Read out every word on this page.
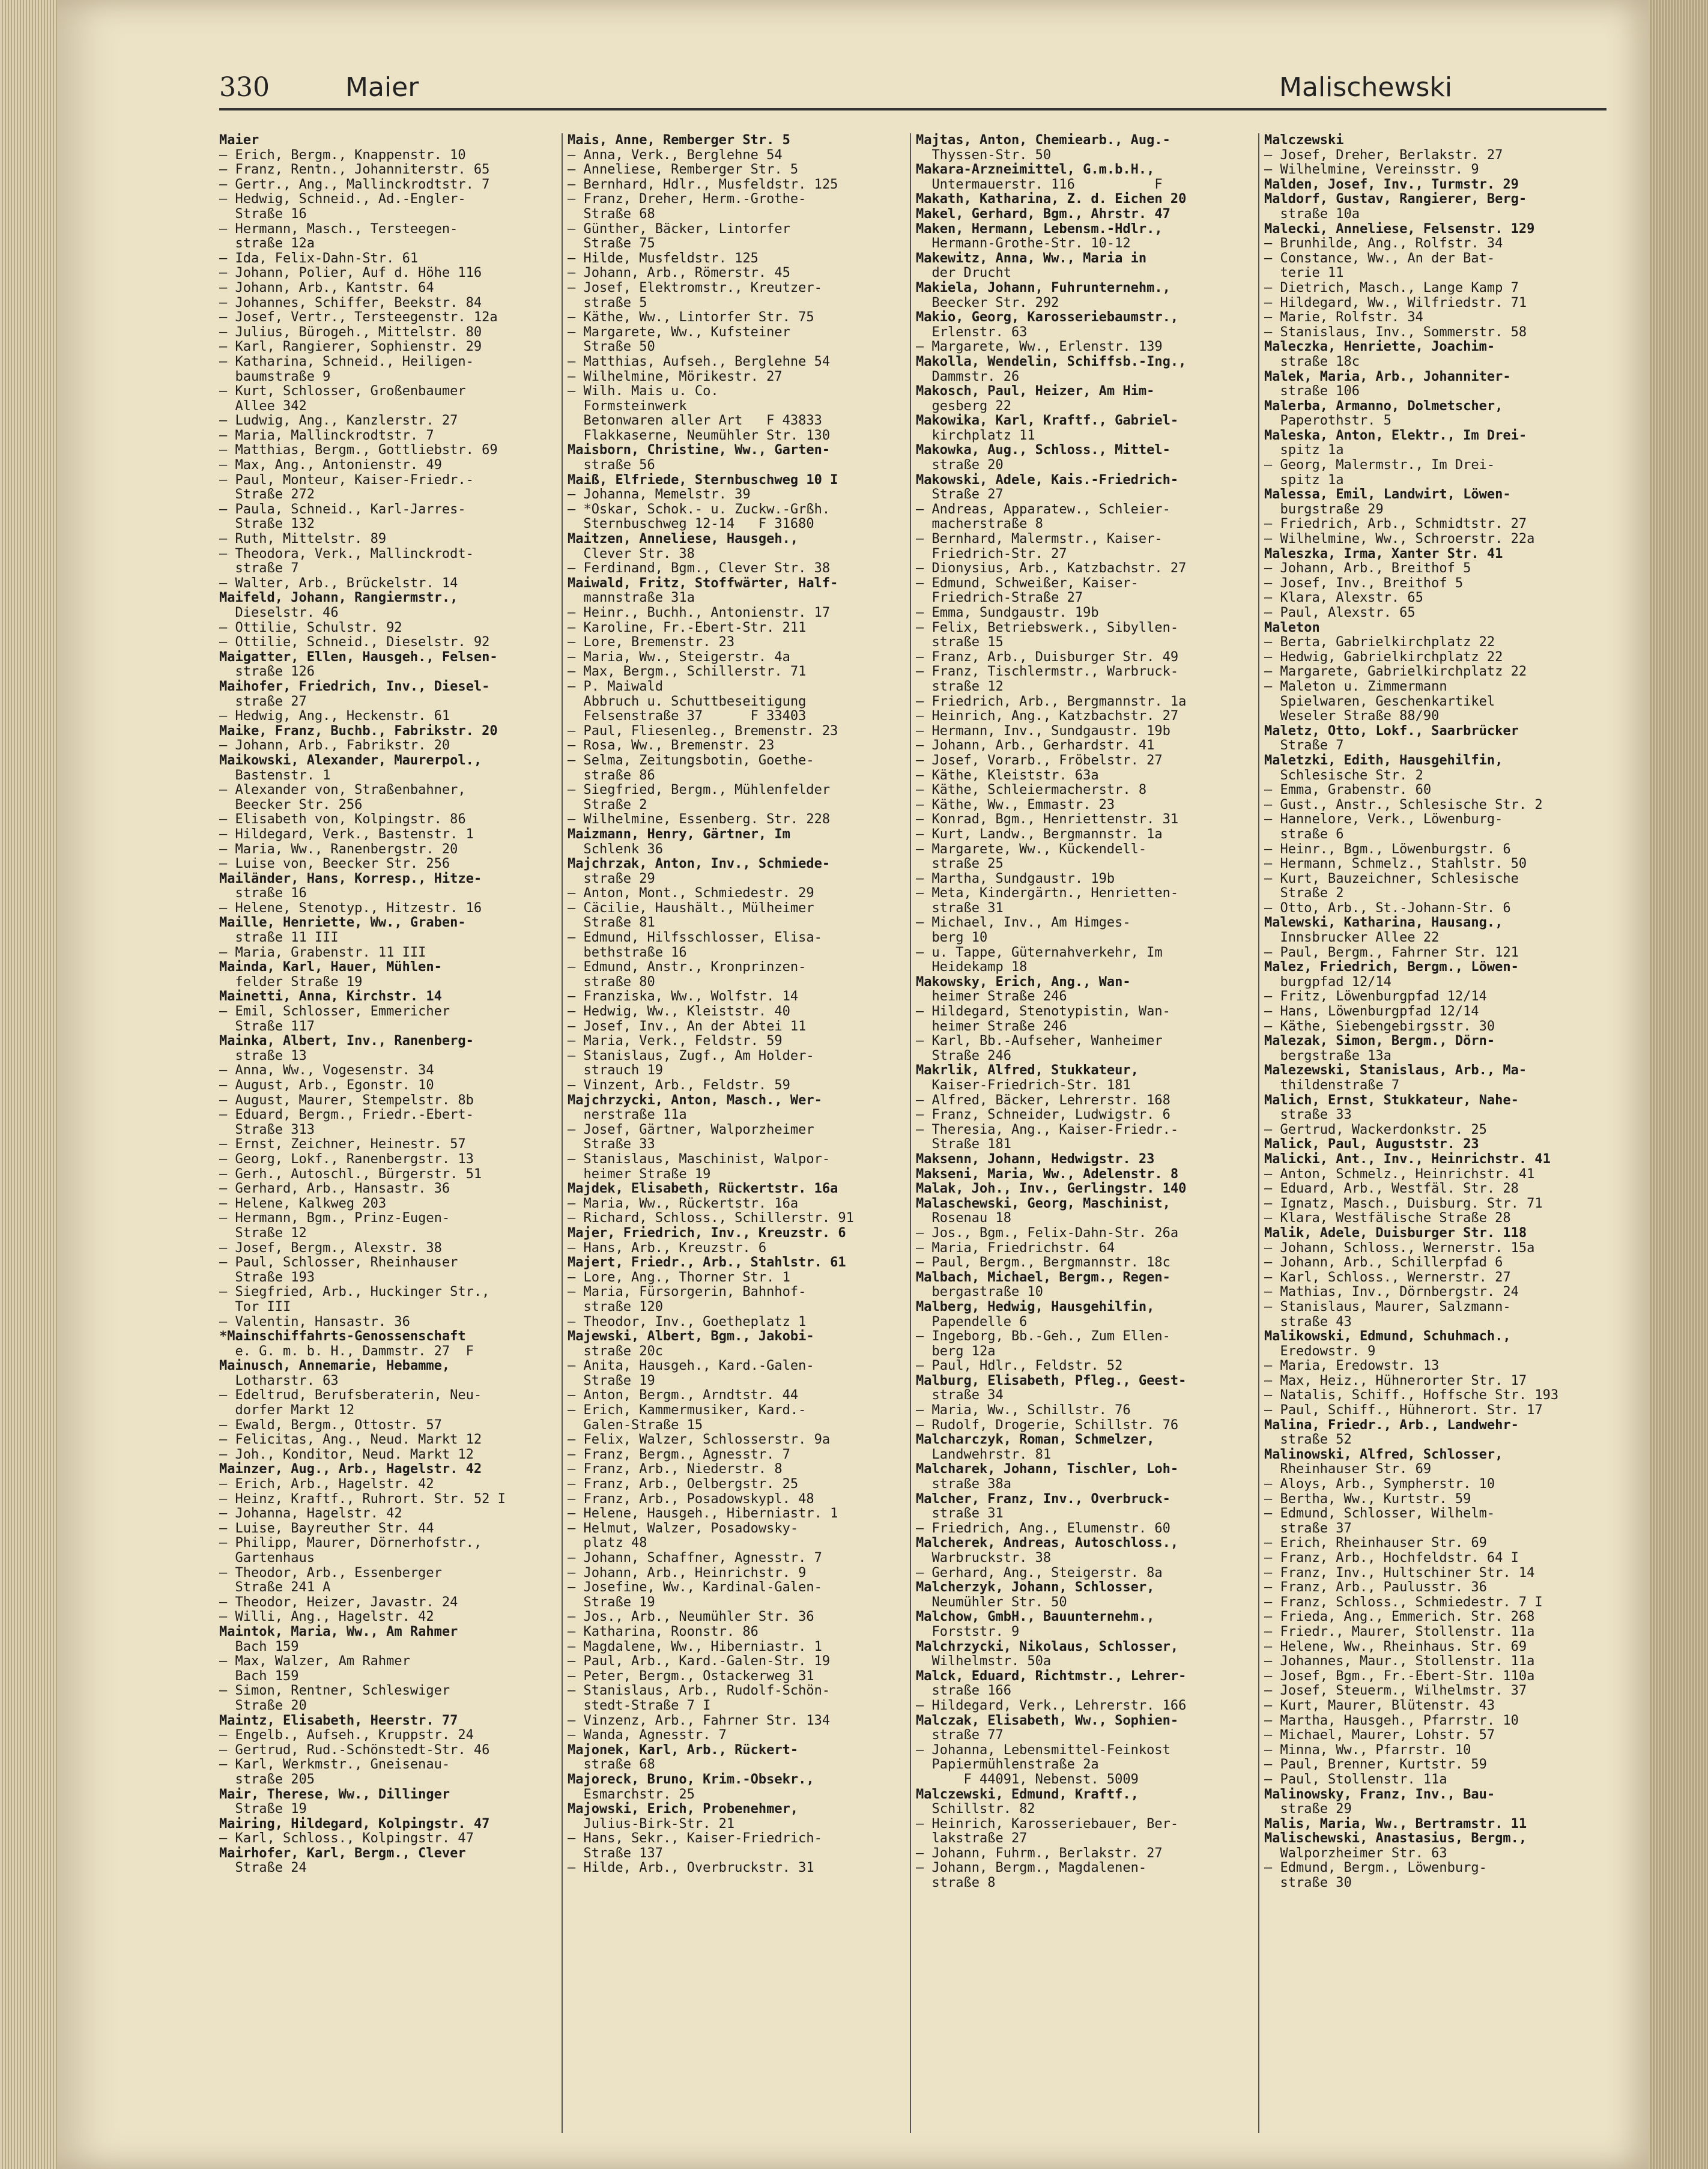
330	Maier	Malischewski
Maier
— Erich, Bergm., Knappenstr. 10
— Franz, Rentn., Johanniterstr. 65
— Gertr., Ang., Mallinckrodtstr. 7
— Hedwig, Schneid., Ad.-Engler-
Straße 16
— Hermann, Masch., Tersteegen-
straße 12a
— Ida, Felix-Dahn-Str. 61
— Johann, Polier, Auf d. Höhe 116
— Johann, Arb., Kantstr. 64
— Johannes, Schiffer, Beekstr. 84
— Josef, Vertr., Tersteegenstr. 12a
— Julius, Bürogeh., Mittelstr. 80
— Karl, Rangierer, Sophienstr. 29
— Katharina, Schneid., Heiligen-
baumstraße 9
— Kurt, Schlosser, Großenbaumer
Allee 342
— Ludwig, Ang., Kanzlerstr. 27
— Maria, Mallinckrodtstr. 7
— Matthias, Bergm., Gottliebstr. 69
— Max, Ang., Antonienstr. 49
— Paul, Monteur, Kaiser-Friedr.-
Straße 272
— Paula, Schneid., Karl-Jarres-
Straße 132
— Ruth, Mittelstr. 89
— Theodora, Verk., Mallinckrodt-
straße 7
— Walter, Arb., Brückelstr. 14
Maifeld, Johann, Rangiermstr.,
Dieselstr. 46
— Ottilie, Schulstr. 92
— Ottilie, Schneid., Dieselstr. 92
Maigatter, Ellen, Hausgeh., Felsen-
straße 126
Maihofer, Friedrich, Inv., Diesel-
straße 27
— Hedwig, Ang., Heckenstr. 61
Maike, Franz, Buchb., Fabrikstr. 20
— Johann, Arb., Fabrikstr. 20
Maikowski, Alexander, Maurerpol.,
Bastenstr. 1
— Alexander von, Straßenbahner,
Beecker Str. 256
— Elisabeth von, Kolpingstr. 86
— Hildegard, Verk., Bastenstr. 1
— Maria, Ww., Ranenbergstr. 20
— Luise von, Beecker Str. 256
Mailänder, Hans, Korresp., Hitze-
straße 16
— Helene, Stenotyp., Hitzestr. 16
Maille, Henriette, Ww., Graben-
straße 11 III
— Maria, Grabenstr. 11 III
Mainda, Karl, Hauer, Mühlen-
felder Straße 19
Mainetti, Anna, Kirchstr. 14
— Emil, Schlosser, Emmericher
Straße 117
Mainka, Albert, Inv., Ranenberg-
straße 13
— Anna, Ww., Vogesenstr. 34
— August, Arb., Egonstr. 10
— August, Maurer, Stempelstr. 8b
— Eduard, Bergm., Friedr.-Ebert-
Straße 313
— Ernst, Zeichner, Heinestr. 57
— Georg, Lokf., Ranenbergstr. 13
— Gerh., Autoschl., Bürgerstr. 51
— Gerhard, Arb., Hansastr. 36
— Helene, Kalkweg 203
— Hermann, Bgm., Prinz-Eugen-
Straße 12
— Josef, Bergm., Alexstr. 38
— Paul, Schlosser, Rheinhauser
Straße 193
— Siegfried, Arb., Huckinger Str.,
Tor III
— Valentin, Hansastr. 36
*Mainschiffahrts-Genossenschaft
e. G. m. b. H., Dammstr. 27  F
Mainusch, Annemarie, Hebamme,
Lotharstr. 63
— Edeltrud, Berufsberaterin, Neu-
dorfer Markt 12
— Ewald, Bergm., Ottostr. 57
— Felicitas, Ang., Neud. Markt 12
— Joh., Konditor, Neud. Markt 12
Mainzer, Aug., Arb., Hagelstr. 42
— Erich, Arb., Hagelstr. 42
— Heinz, Kraftf., Ruhrort. Str. 52 I
— Johanna, Hagelstr. 42
— Luise, Bayreuther Str. 44
— Philipp, Maurer, Dörnerhofstr.,
Gartenhaus
— Theodor, Arb., Essenberger
Straße 241 A
— Theodor, Heizer, Javastr. 24
— Willi, Ang., Hagelstr. 42
Maintok, Maria, Ww., Am Rahmer
Bach 159
— Max, Walzer, Am Rahmer
Bach 159
— Simon, Rentner, Schleswiger
Straße 20
Maintz, Elisabeth, Heerstr. 77
— Engelb., Aufseh., Kruppstr. 24
— Gertrud, Rud.-Schönstedt-Str. 46
— Karl, Werkmstr., Gneisenau-
straße 205
Mair, Therese, Ww., Dillinger
Straße 19
Mairing, Hildegard, Kolpingstr. 47
— Karl, Schloss., Kolpingstr. 47
Mairhofer, Karl, Bergm., Clever
Straße 24
Mais, Anne, Remberger Str. 5
— Anna, Verk., Berglehne 54
— Anneliese, Remberger Str. 5
— Bernhard, Hdlr., Musfeldstr. 125
— Franz, Dreher, Herm.-Grothe-
Straße 68
— Günther, Bäcker, Lintorfer
Straße 75
— Hilde, Musfeldstr. 125
— Johann, Arb., Römerstr. 45
— Josef, Elektromstr., Kreutzer-
straße 5
— Käthe, Ww., Lintorfer Str. 75
— Margarete, Ww., Kufsteiner
Straße 50
— Matthias, Aufseh., Berglehne 54
— Wilhelmine, Mörikestr. 27
— Wilh. Mais u. Co.
Formsteinwerk
Betonwaren aller Art   F 43833
Flakkaserne, Neumühler Str. 130
Maisborn, Christine, Ww., Garten-
straße 56
Maiß, Elfriede, Sternbuschweg 10 I
— Johanna, Memelstr. 39
— *Oskar, Schok.- u. Zuckw.-Grßh.
Sternbuschweg 12-14   F 31680
Maitzen, Anneliese, Hausgeh.,
Clever Str. 38
— Ferdinand, Bgm., Clever Str. 38
Maiwald, Fritz, Stoffwärter, Half-
mannstraße 31a
— Heinr., Buchh., Antonienstr. 17
— Karoline, Fr.-Ebert-Str. 211
— Lore, Bremenstr. 23
— Maria, Ww., Steigerstr. 4a
— Max, Bergm., Schillerstr. 71
— P. Maiwald
Abbruch u. Schuttbeseitigung
Felsenstraße 37      F 33403
— Paul, Fliesenleg., Bremenstr. 23
— Rosa, Ww., Bremenstr. 23
— Selma, Zeitungsbotin, Goethe-
straße 86
— Siegfried, Bergm., Mühlenfelder
Straße 2
— Wilhelmine, Essenberg. Str. 228
Maizmann, Henry, Gärtner, Im
Schlenk 36
Majchrzak, Anton, Inv., Schmiede-
straße 29
— Anton, Mont., Schmiedestr. 29
— Cäcilie, Haushält., Mülheimer
Straße 81
— Edmund, Hilfsschlosser, Elisa-
bethstraße 16
— Edmund, Anstr., Kronprinzen-
straße 80
— Franziska, Ww., Wolfstr. 14
— Hedwig, Ww., Kleiststr. 40
— Josef, Inv., An der Abtei 11
— Maria, Verk., Feldstr. 59
— Stanislaus, Zugf., Am Holder-
strauch 19
— Vinzent, Arb., Feldstr. 59
Majchrzycki, Anton, Masch., Wer-
nerstraße 11a
— Josef, Gärtner, Walporzheimer
Straße 33
— Stanislaus, Maschinist, Walpor-
heimer Straße 19
Majdek, Elisabeth, Rückertstr. 16a
— Maria, Ww., Rückertstr. 16a
— Richard, Schloss., Schillerstr. 91
Majer, Friedrich, Inv., Kreuzstr. 6
— Hans, Arb., Kreuzstr. 6
Majert, Friedr., Arb., Stahlstr. 61
— Lore, Ang., Thorner Str. 1
— Maria, Fürsorgerin, Bahnhof-
straße 120
— Theodor, Inv., Goetheplatz 1
Majewski, Albert, Bgm., Jakobi-
straße 20c
— Anita, Hausgeh., Kard.-Galen-
Straße 19
— Anton, Bergm., Arndtstr. 44
— Erich, Kammermusiker, Kard.-
Galen-Straße 15
— Felix, Walzer, Schlosserstr. 9a
— Franz, Bergm., Agnesstr. 7
— Franz, Arb., Niederstr. 8
— Franz, Arb., Oelbergstr. 25
— Franz, Arb., Posadowskypl. 48
— Helene, Hausgeh., Hiberniastr. 1
— Helmut, Walzer, Posadowsky-
platz 48
— Johann, Schaffner, Agnesstr. 7
— Johann, Arb., Heinrichstr. 9
— Josefine, Ww., Kardinal-Galen-
Straße 19
— Jos., Arb., Neumühler Str. 36
— Katharina, Roonstr. 86
— Magdalene, Ww., Hiberniastr. 1
— Paul, Arb., Kard.-Galen-Str. 19
— Peter, Bergm., Ostackerweg 31
— Stanislaus, Arb., Rudolf-Schön-
stedt-Straße 7 I
— Vinzenz, Arb., Fahrner Str. 134
— Wanda, Agnesstr. 7
Majonek, Karl, Arb., Rückert-
straße 68
Majoreck, Bruno, Krim.-Obsekr.,
Esmarchstr. 25
Majowski, Erich, Probenehmer,
Julius-Birk-Str. 21
— Hans, Sekr., Kaiser-Friedrich-
Straße 137
— Hilde, Arb., Overbruckstr. 31
Majtas, Anton, Chemiearb., Aug.-
Thyssen-Str. 50
Makara-Arzneimittel, G.m.b.H.,
Untermauerstr. 116          F
Makath, Katharina, Z. d. Eichen 20
Makel, Gerhard, Bgm., Ahrstr. 47
Maken, Hermann, Lebensm.-Hdlr.,
Hermann-Grothe-Str. 10-12
Makewitz, Anna, Ww., Maria in
der Drucht
Makiela, Johann, Fuhrunternehm.,
Beecker Str. 292
Makio, Georg, Karosseriebaumstr.,
Erlenstr. 63
— Margarete, Ww., Erlenstr. 139
Makolla, Wendelin, Schiffsb.-Ing.,
Dammstr. 26
Makosch, Paul, Heizer, Am Him-
gesberg 22
Makowika, Karl, Kraftf., Gabriel-
kirchplatz 11
Makowka, Aug., Schloss., Mittel-
straße 20
Makowski, Adele, Kais.-Friedrich-
Straße 27
— Andreas, Apparatew., Schleier-
macherstraße 8
— Bernhard, Malermstr., Kaiser-
Friedrich-Str. 27
— Dionysius, Arb., Katzbachstr. 27
— Edmund, Schweißer, Kaiser-
Friedrich-Straße 27
— Emma, Sundgaustr. 19b
— Felix, Betriebswerk., Sibyllen-
straße 15
— Franz, Arb., Duisburger Str. 49
— Franz, Tischlermstr., Warbruck-
straße 12
— Friedrich, Arb., Bergmannstr. 1a
— Heinrich, Ang., Katzbachstr. 27
— Hermann, Inv., Sundgaustr. 19b
— Johann, Arb., Gerhardstr. 41
— Josef, Vorarb., Fröbelstr. 27
— Käthe, Kleiststr. 63a
— Käthe, Schleiermacherstr. 8
— Käthe, Ww., Emmastr. 23
— Konrad, Bgm., Henriettenstr. 31
— Kurt, Landw., Bergmannstr. 1a
— Margarete, Ww., Kückendell-
straße 25
— Martha, Sundgaustr. 19b
— Meta, Kindergärtn., Henrietten-
straße 31
— Michael, Inv., Am Himges-
berg 10
— u. Tappe, Güternahverkehr, Im
Heidekamp 18
Makowsky, Erich, Ang., Wan-
heimer Straße 246
— Hildegard, Stenotypistin, Wan-
heimer Straße 246
— Karl, Bb.-Aufseher, Wanheimer
Straße 246
Makrlik, Alfred, Stukkateur,
Kaiser-Friedrich-Str. 181
— Alfred, Bäcker, Lehrerstr. 168
— Franz, Schneider, Ludwigstr. 6
— Theresia, Ang., Kaiser-Friedr.-
Straße 181
Maksenn, Johann, Hedwigstr. 23
Makseni, Maria, Ww., Adelenstr. 8
Malak, Joh., Inv., Gerlingstr. 140
Malaschewski, Georg, Maschinist,
Rosenau 18
— Jos., Bgm., Felix-Dahn-Str. 26a
— Maria, Friedrichstr. 64
— Paul, Bergm., Bergmannstr. 18c
Malbach, Michael, Bergm., Regen-
bergastraße 10
Malberg, Hedwig, Hausgehilfin,
Papendelle 6
— Ingeborg, Bb.-Geh., Zum Ellen-
berg 12a
— Paul, Hdlr., Feldstr. 52
Malburg, Elisabeth, Pfleg., Geest-
straße 34
— Maria, Ww., Schillstr. 76
— Rudolf, Drogerie, Schillstr. 76
Malcharczyk, Roman, Schmelzer,
Landwehrstr. 81
Malcharek, Johann, Tischler, Loh-
straße 38a
Malcher, Franz, Inv., Overbruck-
straße 31
— Friedrich, Ang., Elumenstr. 60
Malcherek, Andreas, Autoschloss.,
Warbruckstr. 38
— Gerhard, Ang., Steigerstr. 8a
Malcherzyk, Johann, Schlosser,
Neumühler Str. 50
Malchow, GmbH., Bauunternehm.,
Forststr. 9
Malchrzycki, Nikolaus, Schlosser,
Wilhelmstr. 50a
Malck, Eduard, Richtmstr., Lehrer-
straße 166
— Hildegard, Verk., Lehrerstr. 166
Malczak, Elisabeth, Ww., Sophien-
straße 77
— Johanna, Lebensmittel-Feinkost
Papiermühlenstraße 2a
F 44091, Nebenst. 5009
Malczewski, Edmund, Kraftf.,
Schillstr. 82
— Heinrich, Karosseriebauer, Ber-
lakstraße 27
— Johann, Fuhrm., Berlakstr. 27
— Johann, Bergm., Magdalenen-
straße 8
Malczewski
— Josef, Dreher, Berlakstr. 27
— Wilhelmine, Vereinsstr. 9
Malden, Josef, Inv., Turmstr. 29
Maldorf, Gustav, Rangierer, Berg-
straße 10a
Malecki, Anneliese, Felsenstr. 129
— Brunhilde, Ang., Rolfstr. 34
— Constance, Ww., An der Bat-
terie 11
— Dietrich, Masch., Lange Kamp 7
— Hildegard, Ww., Wilfriedstr. 71
— Marie, Rolfstr. 34
— Stanislaus, Inv., Sommerstr. 58
Maleczka, Henriette, Joachim-
straße 18c
Malek, Maria, Arb., Johanniter-
straße 106
Malerba, Armanno, Dolmetscher,
Paperothstr. 5
Maleska, Anton, Elektr., Im Drei-
spitz 1a
— Georg, Malermstr., Im Drei-
spitz 1a
Malessa, Emil, Landwirt, Löwen-
burgstraße 29
— Friedrich, Arb., Schmidtstr. 27
— Wilhelmine, Ww., Schroerstr. 22a
Maleszka, Irma, Xanter Str. 41
— Johann, Arb., Breithof 5
— Josef, Inv., Breithof 5
— Klara, Alexstr. 65
— Paul, Alexstr. 65
Maleton
— Berta, Gabrielkirchplatz 22
— Hedwig, Gabrielkirchplatz 22
— Margarete, Gabrielkirchplatz 22
— Maleton u. Zimmermann
Spielwaren, Geschenkartikel
Weseler Straße 88/90
Maletz, Otto, Lokf., Saarbrücker
Straße 7
Maletzki, Edith, Hausgehilfin,
Schlesische Str. 2
— Emma, Grabenstr. 60
— Gust., Anstr., Schlesische Str. 2
— Hannelore, Verk., Löwenburg-
straße 6
— Heinr., Bgm., Löwenburgstr. 6
— Hermann, Schmelz., Stahlstr. 50
— Kurt, Bauzeichner, Schlesische
Straße 2
— Otto, Arb., St.-Johann-Str. 6
Malewski, Katharina, Hausang.,
Innsbrucker Allee 22
— Paul, Bergm., Fahrner Str. 121
Malez, Friedrich, Bergm., Löwen-
burgpfad 12/14
— Fritz, Löwenburgpfad 12/14
— Hans, Löwenburgpfad 12/14
— Käthe, Siebengebirgsstr. 30
Malezak, Simon, Bergm., Dörn-
bergstraße 13a
Malezewski, Stanislaus, Arb., Ma-
thildenstraße 7
Malich, Ernst, Stukkateur, Nahe-
straße 33
— Gertrud, Wackerdonkstr. 25
Malick, Paul, Auguststr. 23
Malicki, Ant., Inv., Heinrichstr. 41
— Anton, Schmelz., Heinrichstr. 41
— Eduard, Arb., Westfäl. Str. 28
— Ignatz, Masch., Duisburg. Str. 71
— Klara, Westfälische Straße 28
Malik, Adele, Duisburger Str. 118
— Johann, Schloss., Wernerstr. 15a
— Johann, Arb., Schillerpfad 6
— Karl, Schloss., Wernerstr. 27
— Mathias, Inv., Dörnbergstr. 24
— Stanislaus, Maurer, Salzmann-
straße 43
Malikowski, Edmund, Schuhmach.,
Eredowstr. 9
— Maria, Eredowstr. 13
— Max, Heiz., Hühnerorter Str. 17
— Natalis, Schiff., Hoffsche Str. 193
— Paul, Schiff., Hühnerort. Str. 17
Malina, Friedr., Arb., Landwehr-
straße 52
Malinowski, Alfred, Schlosser,
Rheinhauser Str. 69
— Aloys, Arb., Sympherstr. 10
— Bertha, Ww., Kurtstr. 59
— Edmund, Schlosser, Wilhelm-
straße 37
— Erich, Rheinhauser Str. 69
— Franz, Arb., Hochfeldstr. 64 I
— Franz, Inv., Hultschiner Str. 14
— Franz, Arb., Paulusstr. 36
— Franz, Schloss., Schmiedestr. 7 I
— Frieda, Ang., Emmerich. Str. 268
— Friedr., Maurer, Stollenstr. 11a
— Helene, Ww., Rheinhaus. Str. 69
— Johannes, Maur., Stollenstr. 11a
— Josef, Bgm., Fr.-Ebert-Str. 110a
— Josef, Steuerm., Wilhelmstr. 37
— Kurt, Maurer, Blütenstr. 43
— Martha, Hausgeh., Pfarrstr. 10
— Michael, Maurer, Lohstr. 57
— Minna, Ww., Pfarrstr. 10
— Paul, Brenner, Kurtstr. 59
— Paul, Stollenstr. 11a
Malinowsky, Franz, Inv., Bau-
straße 29
Malis, Maria, Ww., Bertramstr. 11
Malischewski, Anastasius, Bergm.,
Walporzheimer Str. 63
— Edmund, Bergm., Löwenburg-
straße 30
